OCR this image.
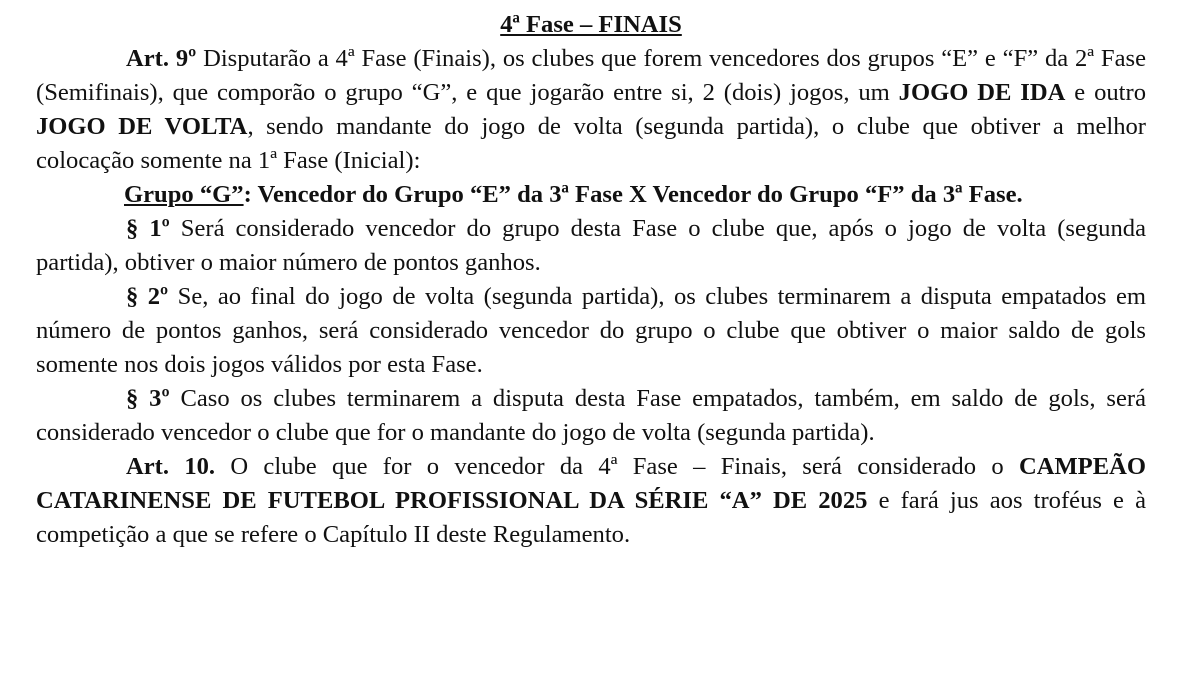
4ª Fase – FINAIS

Art. 9º Disputarão a 4ª Fase (Finais), os clubes que forem vencedores dos grupos “E” e “F” da 2ª Fase (Semifinais), que comporão o grupo “G”, e que jogarão entre si, 2 (dois) jogos, um JOGO DE IDA e outro JOGO DE VOLTA, sendo mandante do jogo de volta (segunda partida), o clube que obtiver a melhor colocação somente na 1ª Fase (Inicial):

Grupo “G”: Vencedor do Grupo “E” da 3ª Fase X Vencedor do Grupo “F” da 3ª Fase.

§ 1º Será considerado vencedor do grupo desta Fase o clube que, após o jogo de volta (segunda partida), obtiver o maior número de pontos ganhos.

§ 2º Se, ao final do jogo de volta (segunda partida), os clubes terminarem a disputa empatados em número de pontos ganhos, será considerado vencedor do grupo o clube que obtiver o maior saldo de gols somente nos dois jogos válidos por esta Fase.

§ 3º Caso os clubes terminarem a disputa desta Fase empatados, também, em saldo de gols, será considerado vencedor o clube que for o mandante do jogo de volta (segunda partida).

Art. 10. O clube que for o vencedor da 4ª Fase – Finais, será considerado o CAMPEÃO CATARINENSE DE FUTEBOL PROFISSIONAL DA SÉRIE “A” DE 2025 e fará jus aos troféus e à competição a que se refere o Capítulo II deste Regulamento.
